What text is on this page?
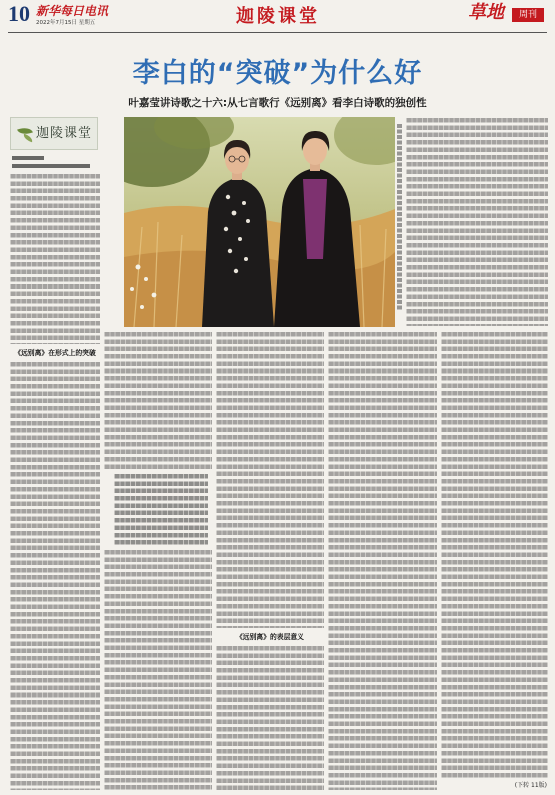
10 新华每日电讯
2022年7月15日 星期五	迦陵课堂	草地	周刊
李白的“突破”为什么好
叶嘉莹讲诗歌之十六:从七言歌行《远别离》看李白诗歌的独创性
迦陵课堂
《远别离》在形式上的突破
《远别离》的表层意义
(下转 11版)
